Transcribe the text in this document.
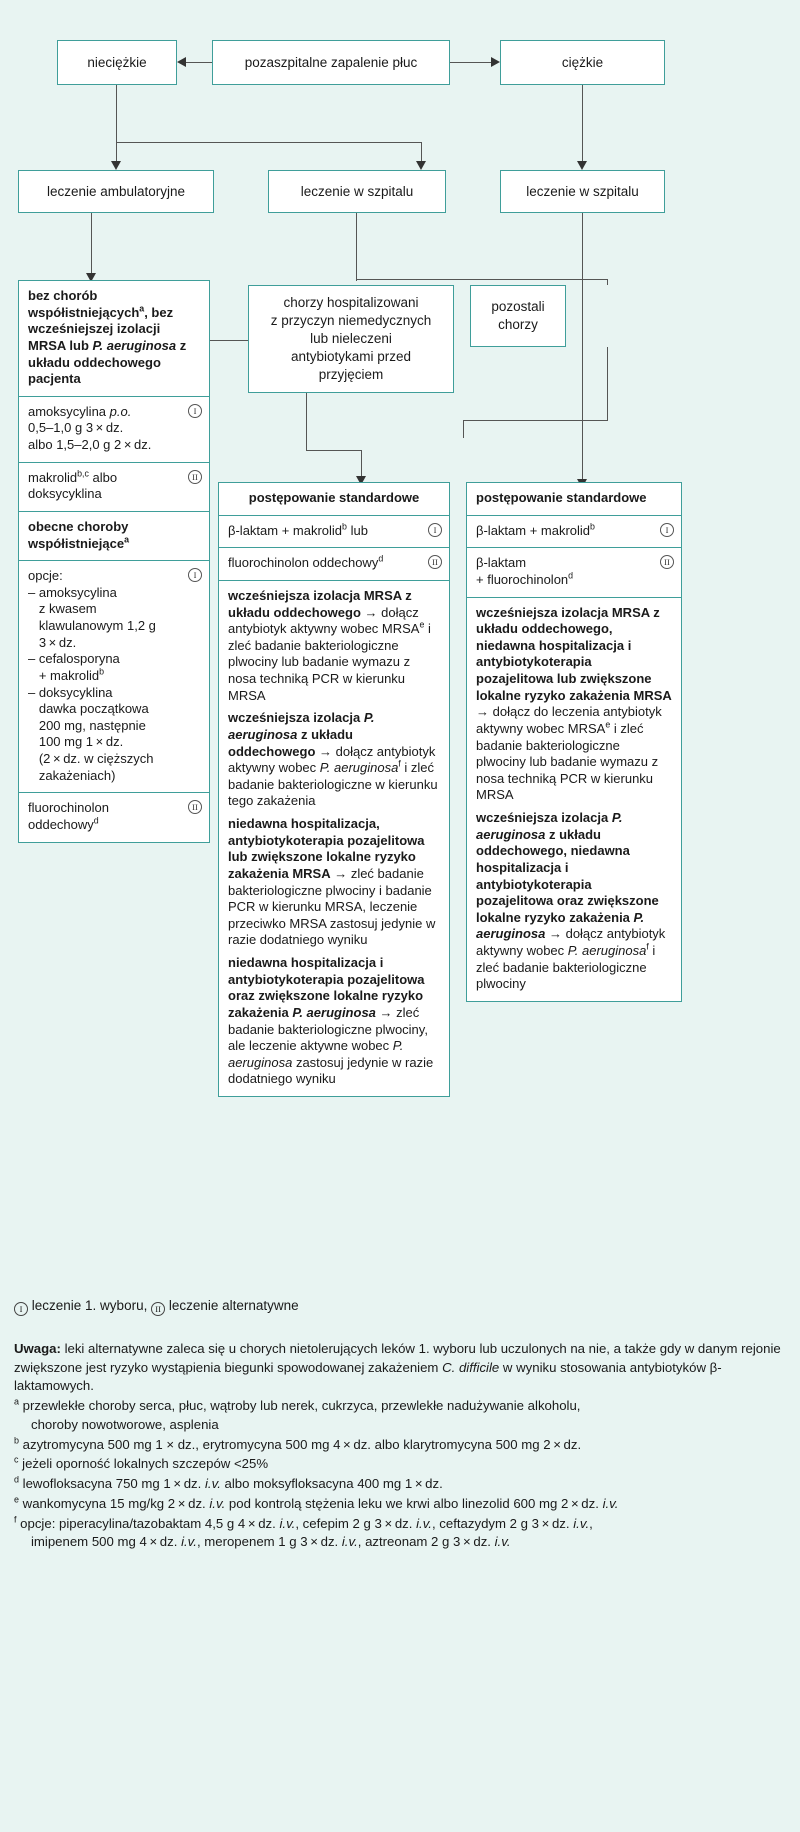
nieciężkie	pozaszpitalne zapalenie płuc	ciężkie
leczenie ambulatoryjne	leczenie w szpitalu	leczenie w szpitalu
chorzy hospitalizowani
z przyczyn niemedycznych
lub nieleczeni
antybiotykami przed
przyjęciem
pozostali
chorzy
bez chorób współistniejących$^a$, bez wcześniejszej izolacji MRSA lub P. aeruginosa z układu oddechowego pacjenta
I
amoksycylina p.o.
0,5–1,0 g 3 × dz.
albo 1,5–2,0 g 2 × dz.
II
makrolid$^{b,c}$ albo
doksycyklina
obecne choroby
współistniejące$^a$
I
opcje:
– amoksycylina
z kwasem
klawulanowym 1,2 g
3 × dz.
– cefalosporyna
+ makrolid$^b$
– doksycyklina
dawka początkowa
200 mg, następnie
100 mg 1 × dz.
(2 × dz. w cięższych
zakażeniach)
II
fluorochinolon
oddechowy$^d$
postępowanie standardowe
I
β-laktam + makrolid$^b$ lub
II
fluorochinolon oddechowy$^d$
wcześniejsza izolacja MRSA z układu oddechowego → dołącz antybiotyk aktywny wobec MRSA$^e$ i zleć badanie bakteriologiczne plwociny lub badanie wymazu z nosa techniką PCR w kierunku MRSA
wcześniejsza izolacja P. aeruginosa z układu oddechowego → dołącz antybiotyk aktywny wobec P. aeruginosa$^f$ i zleć badanie bakteriologiczne w kierunku tego zakażenia
niedawna hospitalizacja, antybiotykoterapia pozajelitowa lub zwiększone lokalne ryzyko zakażenia MRSA → zleć badanie bakteriologiczne plwociny i badanie PCR w kierunku MRSA, leczenie przeciwko MRSA zastosuj jedynie w razie dodatniego wyniku
niedawna hospitalizacja i antybiotykoterapia pozajelitowa oraz zwiększone lokalne ryzyko zakażenia P. aeruginosa → zleć badanie bakteriologiczne plwociny, ale leczenie aktywne wobec P. aeruginosa zastosuj jedynie w razie dodatniego wyniku
postępowanie standardowe
I
β-laktam + makrolid$^b$
II
β-laktam
+ fluorochinolon$^d$
wcześniejsza izolacja MRSA z układu oddechowego, niedawna hospitalizacja i antybiotykoterapia pozajelitowa lub zwiększone lokalne ryzyko zakażenia MRSA → dołącz do leczenia antybiotyk aktywny wobec MRSA$^e$ i zleć badanie bakteriologiczne plwociny lub badanie wymazu z nosa techniką PCR w kierunku MRSA
wcześniejsza izolacja P. aeruginosa z układu oddechowego, niedawna hospitalizacja i antybiotykoterapia pozajelitowa oraz zwiększone lokalne ryzyko zakażenia P. aeruginosa → dołącz antybiotyk aktywny wobec P. aeruginosa$^f$ i zleć badanie bakteriologiczne plwociny
I leczenie 1. wyboru, II leczenie alternatywne
Uwaga: leki alternatywne zaleca się u chorych nietolerujących leków 1. wyboru lub uczulonych na nie, a także gdy w danym rejonie zwiększone jest ryzyko wystąpienia biegunki spowodowanej zakażeniem C. difficile w wyniku stosowania antybiotyków β-laktamowych.
$^a$ przewlekłe choroby serca, płuc, wątroby lub nerek, cukrzyca, przewlekłe nadużywanie alkoholu,
choroby nowotworowe, asplenia
$^b$ azytromycyna 500 mg 1 × dz., erytromycyna 500 mg 4 × dz. albo klarytromycyna 500 mg 2 × dz.
$^c$ jeżeli oporność lokalnych szczepów <25%
$^d$ lewofloksacyna 750 mg 1 × dz. i.v. albo moksyfloksacyna 400 mg 1 × dz.
$^e$ wankomycyna 15 mg/kg 2 × dz. i.v. pod kontrolą stężenia leku we krwi albo linezolid 600 mg 2 × dz. i.v.
$^f$ opcje: piperacylina/tazobaktam 4,5 g 4 × dz. i.v., cefepim 2 g 3 × dz. i.v., ceftazydym 2 g 3 × dz. i.v.,
imipenem 500 mg 4 × dz. i.v., meropenem 1 g 3 × dz. i.v., aztreonam 2 g 3 × dz. i.v.
